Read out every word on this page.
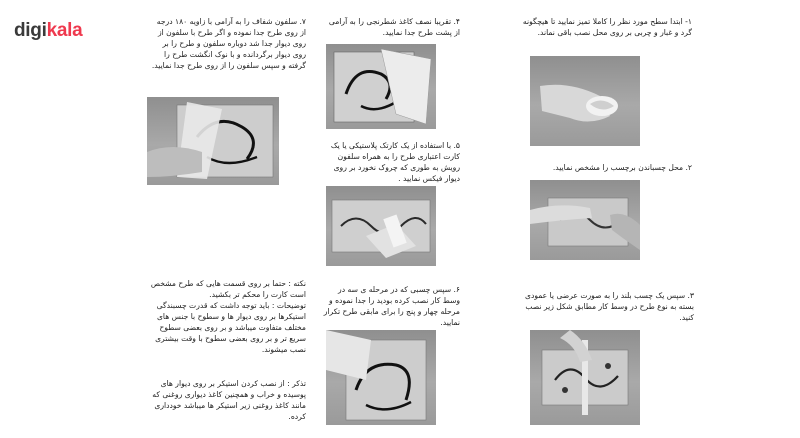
digikala	۱- ابتدا سطح مورد نظر را کاملا تمیز نمایید تا هیچگونه گرد و غبار و چربی بر روی محل نصب باقی نماند.

۲. محل چسباندن برچسب را مشخص نمایید.

۳. سپس یک چسب بلند را به صورت عرضی یا عمودی بسته به نوع طرح در وسط کار مطابق شکل زیر نصب کنید.

۴. تقریبا نصف کاغذ شطرنجی را به آرامی از پشت طرح جدا نمایید.

۵. با استفاده از یک کارتک پلاستیکی یا یک کارت اعتباری طرح را به همراه سلفون رویش به طوری که چروک نخورد بر روی دیوار فیکس نمایید .

۶. سپس چسبی که در مرحله ی سه در وسط کار نصب کرده بودید را جدا نموده و مرحله چهار و پنج را برای مابقی طرح تکرار نمایید.

۷. سلفون شفاف را به آرامی با زاویه ۱۸۰ درجه از روی طرح جدا نموده و اگر طرح با سلفون از روی دیوار جدا شد دوباره سلفون و طرح را بر روی دیوار برگردانده و با نوک انگشت طرح را گرفته و سپس سلفون را از روی طرح جدا نمایید.

نکته : حتما بر روی قسمت هایی که طرح مشخص است کارت را محکم تر بکشید.

توضیحات : باید توجه داشت که قدرت چسبندگی استیکرها بر روی دیوار ها و سطوح با جنس های مختلف متفاوت میباشد و بر روی بعضی سطوح سریع تر و بر روی بعضی سطوح با وقت بیشتری نصب میشوند.

تذکر : از نصب کردن استیکر بر روی دیوار های پوسیده و خراب و همچنین کاغذ دیواری روغنی که مانند کاغذ روغنی زیر استیکر ها میباشد خودداری کرده.
